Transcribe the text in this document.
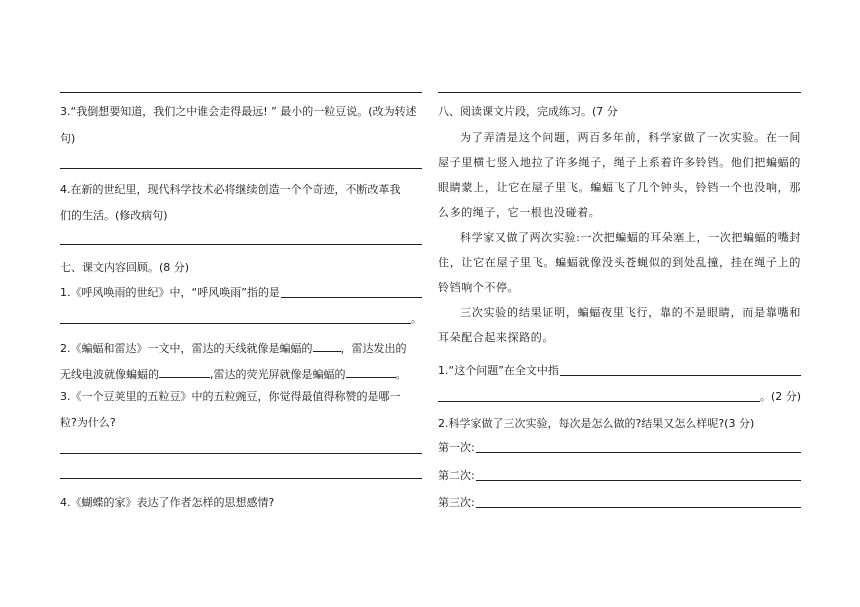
3.“我倒想要知道，我们之中谁会走得最远! ” 最小的一粒豆说。(改为转述
句)
4.在新的世纪里，现代科学技术必将继续创造一个个奇迹，不断改革我
们的生活。(修改病句)
七、课文内容回顾。(8 分)
1.《呼风唤雨的世纪》中，“呼风唤雨”指的是
。
2.《蝙蝠和雷达》一文中，雷达的天线就像是蝙蝠的	，雷达发出的
无线电波就像蝙蝠的	,雷达的荧光屏就像是蝙蝠的	。
3.《一个豆荚里的五粒豆》中的五粒豌豆，你觉得最值得称赞的是哪一
粒?为什么?
4.《蝴蝶的家》表达了作者怎样的思想感情?
八、阅读课文片段，完成练习。(7 分

为了弄清是这个问题，两百多年前，科学家做了一次实验。在一间屋子里横七竖入地拉了许多绳子，绳子上系着许多铃铛。他们把蝙蝠的眼睛蒙上，让它在屋子里飞。蝙蝠飞了几个钟头，铃铛一个也没响，那么多的绳子，它一根也没碰着。

科学家又做了两次实验:一次把蝙蝠的耳朵塞上，一次把蝙蝠的嘴封住，让它在屋子里飞。蝙蝠就像没头苍蝇似的到处乱撞，挂在绳子上的铃铛响个不停。

三次实验的结果证明，蝙蝠夜里飞行，靠的不是眼睛，而是靠嘴和耳朵配合起来探路的。

1.“这个问题”在全文中指
。(2 分)
2.科学家做了三次实验，每次是怎么做的?结果又怎么样呢?(3 分)
第一次:
第二次:
第三次:
